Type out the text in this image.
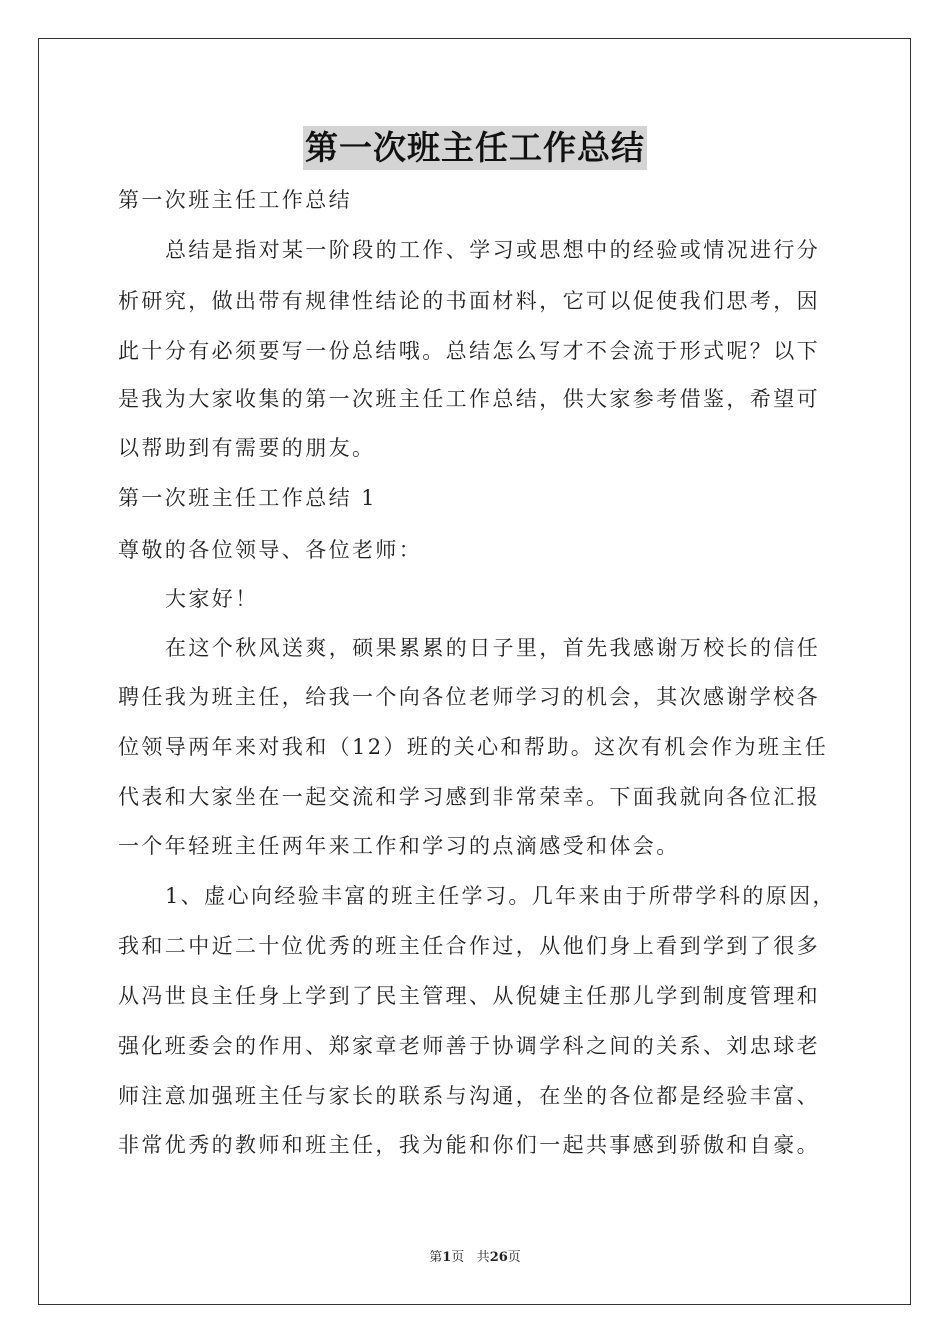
第一次班主任工作总结
第一次班主任工作总结
总结是指对某一阶段的工作、学习或思想中的经验或情况进行分
析研究，做出带有规律性结论的书面材料，它可以促使我们思考，因
此十分有必须要写一份总结哦。总结怎么写才不会流于形式呢？以下
是我为大家收集的第一次班主任工作总结，供大家参考借鉴，希望可
以帮助到有需要的朋友。
第一次班主任工作总结 1
尊敬的各位领导、各位老师：
大家好！
在这个秋风送爽，硕果累累的日子里，首先我感谢万校长的信任
聘任我为班主任，给我一个向各位老师学习的机会，其次感谢学校各
位领导两年来对我和（12）班的关心和帮助。这次有机会作为班主任
代表和大家坐在一起交流和学习感到非常荣幸。下面我就向各位汇报
一个年轻班主任两年来工作和学习的点滴感受和体会。
1、虚心向经验丰富的班主任学习。几年来由于所带学科的原因，
我和二中近二十位优秀的班主任合作过，从他们身上看到学到了很多
从冯世良主任身上学到了民主管理、从倪婕主任那儿学到制度管理和
强化班委会的作用、郑家章老师善于协调学科之间的关系、刘忠球老
师注意加强班主任与家长的联系与沟通，在坐的各位都是经验丰富、
非常优秀的教师和班主任，我为能和你们一起共事感到骄傲和自豪。
第1页 共26页
